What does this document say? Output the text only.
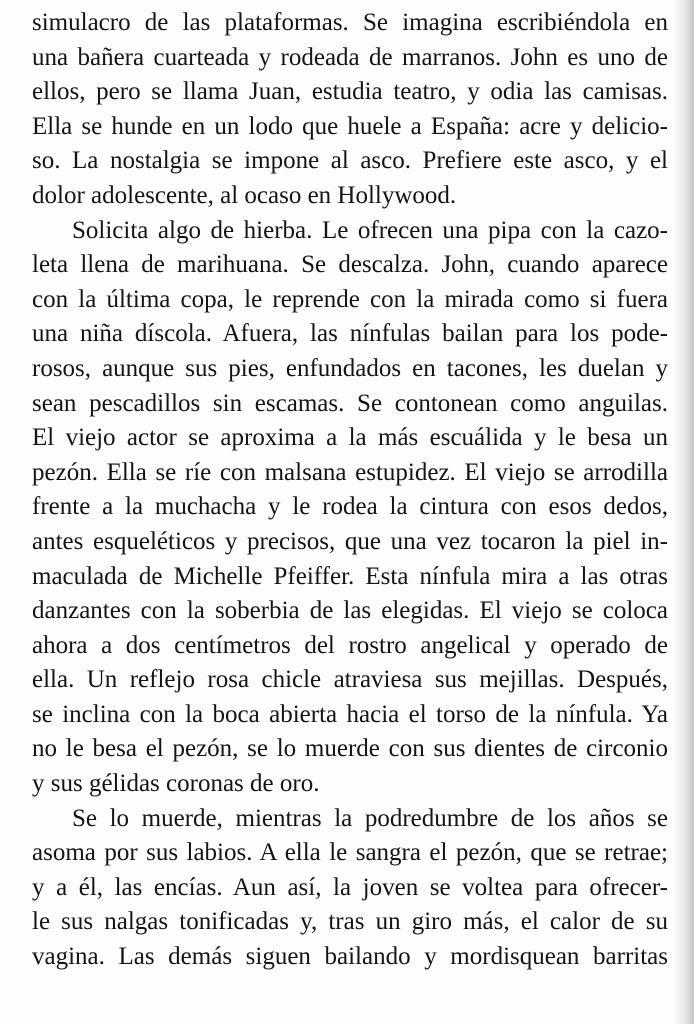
simulacro de las plataformas. Se imagina escribiéndola en
una bañera cuarteada y rodeada de marranos. John es uno de
ellos, pero se llama Juan, estudia teatro, y odia las camisas.
Ella se hunde en un lodo que huele a España: acre y delicio-
so. La nostalgia se impone al asco. Prefiere este asco, y el
dolor adolescente, al ocaso en Hollywood.
Solicita algo de hierba. Le ofrecen una pipa con la cazo-
leta llena de marihuana. Se descalza. John, cuando aparece
con la última copa, le reprende con la mirada como si fuera
una niña díscola. Afuera, las nínfulas bailan para los pode-
rosos, aunque sus pies, enfundados en tacones, les duelan y
sean pescadillos sin escamas. Se contonean como anguilas.
El viejo actor se aproxima a la más escuálida y le besa un
pezón. Ella se ríe con malsana estupidez. El viejo se arrodilla
frente a la muchacha y le rodea la cintura con esos dedos,
antes esqueléticos y precisos, que una vez tocaron la piel in-
maculada de Michelle Pfeiffer. Esta nínfula mira a las otras
danzantes con la soberbia de las elegidas. El viejo se coloca
ahora a dos centímetros del rostro angelical y operado de
ella. Un reflejo rosa chicle atraviesa sus mejillas. Después,
se inclina con la boca abierta hacia el torso de la nínfula. Ya
no le besa el pezón, se lo muerde con sus dientes de circonio
y sus gélidas coronas de oro.
Se lo muerde, mientras la podredumbre de los años se
asoma por sus labios. A ella le sangra el pezón, que se retrae;
y a él, las encías. Aun así, la joven se voltea para ofrecer-
le sus nalgas tonificadas y, tras un giro más, el calor de su
vagina. Las demás siguen bailando y mordisquean barritas
